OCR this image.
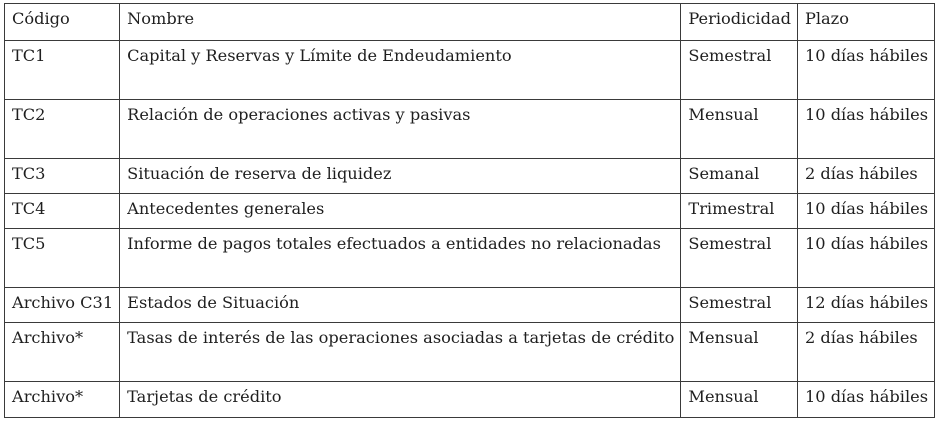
Código	Nombre	Periodicidad	Plazo
TC1	Capital y Reservas y Límite de Endeudamiento	Semestral	10 días hábiles
TC2	Relación de operaciones activas y pasivas	Mensual	10 días hábiles
TC3	Situación de reserva de liquidez	Semanal	2 días hábiles
TC4	Antecedentes generales	Trimestral	10 días hábiles
TC5	Informe de pagos totales efectuados a entidades no relacionadas	Semestral	10 días hábiles
Archivo C31	Estados de Situación	Semestral	12 días hábiles
Archivo*	Tasas de interés de las operaciones asociadas a tarjetas de crédito	Mensual	2 días hábiles
Archivo*	Tarjetas de crédito	Mensual	10 días hábiles
